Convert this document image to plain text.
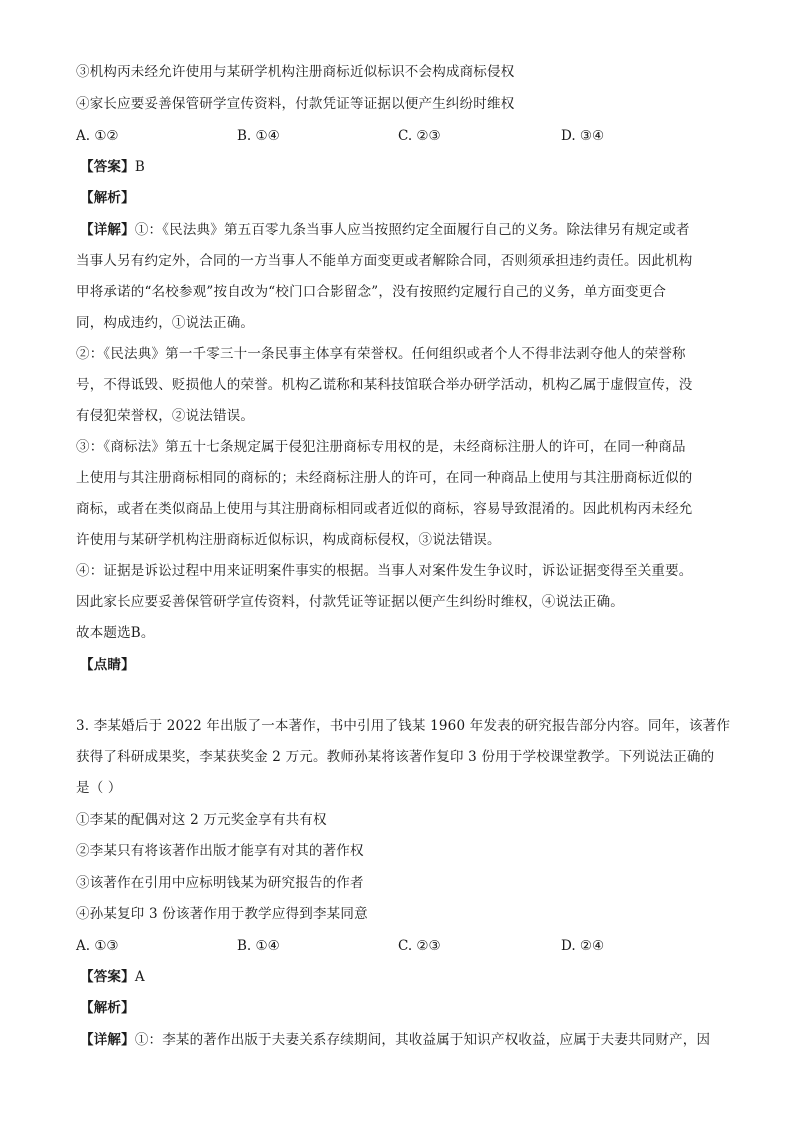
③机构丙未经允许使用与某研学机构注册商标近似标识不会构成商标侵权
④家长应要妥善保管研学宣传资料，付款凭证等证据以便产生纠纷时维权
A. ①②	B. ①④	C. ②③	D. ③④
【答案】B
【解析】
【详解】①：《民法典》第五百零九条当事人应当按照约定全面履行自己的义务。除法律另有规定或者
当事人另有约定外，合同的一方当事人不能单方面变更或者解除合同，否则须承担违约责任。因此机构
甲将承诺的“名校参观”按自改为“校门口合影留念”，没有按照约定履行自己的义务，单方面变更合
同，构成违约，①说法正确。
②：《民法典》第一千零三十一条民事主体享有荣誉权。任何组织或者个人不得非法剥夺他人的荣誉称
号，不得诋毁、贬损他人的荣誉。机构乙谎称和某科技馆联合举办研学活动，机构乙属于虚假宣传，没
有侵犯荣誉权，②说法错误。
③：《商标法》第五十七条规定属于侵犯注册商标专用权的是，未经商标注册人的许可，在同一种商品
上使用与其注册商标相同的商标的；未经商标注册人的许可，在同一种商品上使用与其注册商标近似的
商标，或者在类似商品上使用与其注册商标相同或者近似的商标，容易导致混淆的。因此机构丙未经允
许使用与某研学机构注册商标近似标识，构成商标侵权，③说法错误。
④：证据是诉讼过程中用来证明案件事实的根据。当事人对案件发生争议时，诉讼证据变得至关重要。
因此家长应要妥善保管研学宣传资料，付款凭证等证据以便产生纠纷时维权，④说法正确。
故本题选B。
【点睛】
3. 李某婚后于 2022 年出版了一本著作，书中引用了钱某 1960 年发表的研究报告部分内容。同年，该著作
获得了科研成果奖，李某获奖金 2 万元。教师孙某将该著作复印 3 份用于学校课堂教学。下列说法正确的
是（ ）
①李某的配偶对这 2 万元奖金享有共有权
②李某只有将该著作出版才能享有对其的著作权
③该著作在引用中应标明钱某为研究报告的作者
④孙某复印 3 份该著作用于教学应得到李某同意
A. ①③	B. ①④	C. ②③	D. ②④
【答案】A
【解析】
【详解】①：李某的著作出版于夫妻关系存续期间，其收益属于知识产权收益，应属于夫妻共同财产，因
